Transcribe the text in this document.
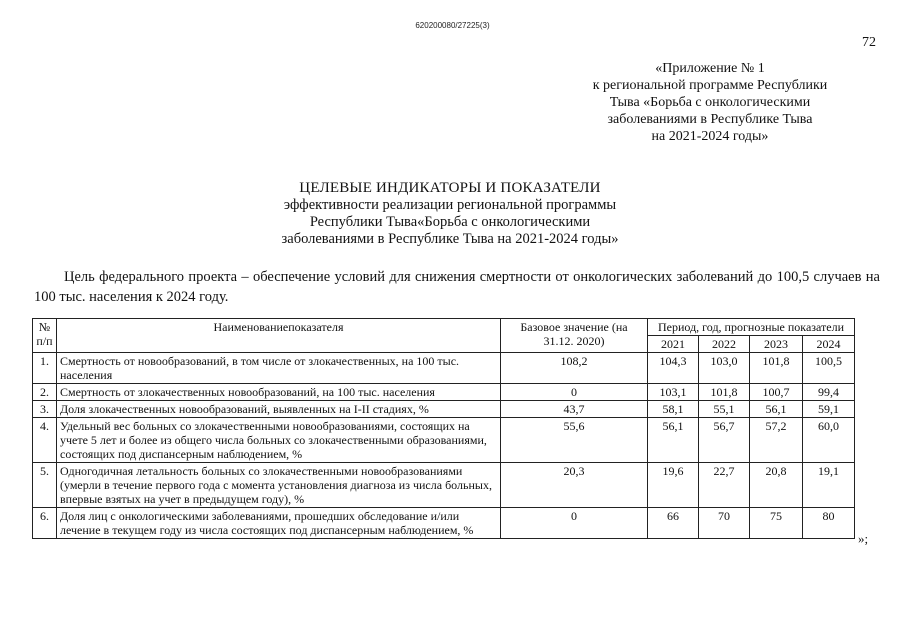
620200080/27225(3)
72
«Приложение № 1
к региональной программе Республики
Тыва «Борьба с онкологическими
заболеваниями в Республике Тыва
на 2021-2024 годы»
ЦЕЛЕВЫЕ ИНДИКАТОРЫ И ПОКАЗАТЕЛИ
эффективности реализации региональной программы
Республики Тыва«Борьба с онкологическими
заболеваниями в Республике Тыва на 2021-2024 годы»
Цель федерального проекта – обеспечение условий для снижения смертности от онкологических заболеваний до 100,5 случаев на 100 тыс. населения к 2024 году.
№ п/п	Наименованиепоказателя	Базовое значение (на 31.12. 2020)	Период, год, прогнозные показатели			
			2021	2022	2023	2024
1.	Смертность от новообразований, в том числе от злокачественных, на 100 тыс. населения	108,2	104,3	103,0	101,8	100,5
2.	Смертность от злокачественных новообразований, на 100 тыс. населения	0	103,1	101,8	100,7	99,4
3.	Доля злокачественных новообразований, выявленных на I-II стадиях, %	43,7	58,1	55,1	56,1	59,1
4.	Удельный вес больных со злокачественными новообразованиями, состоящих на учете 5 лет и более из общего числа больных со злокачественными образованиями, состоящих под диспансерным наблюдением, %	55,6	56,1	56,7	57,2	60,0
5.	Одногодичная летальность больных со злокачественными новообразованиями (умерли в течение первого года с момента установления диагноза из числа больных, впервые взятых на учет в предыдущем году), %	20,3	19,6	22,7	20,8	19,1
6.	Доля лиц с онкологическими заболеваниями, прошедших обследование и/или лечение в текущем году из числа состоящих под диспансерным наблюдением, %	0	66	70	75	80
»;
